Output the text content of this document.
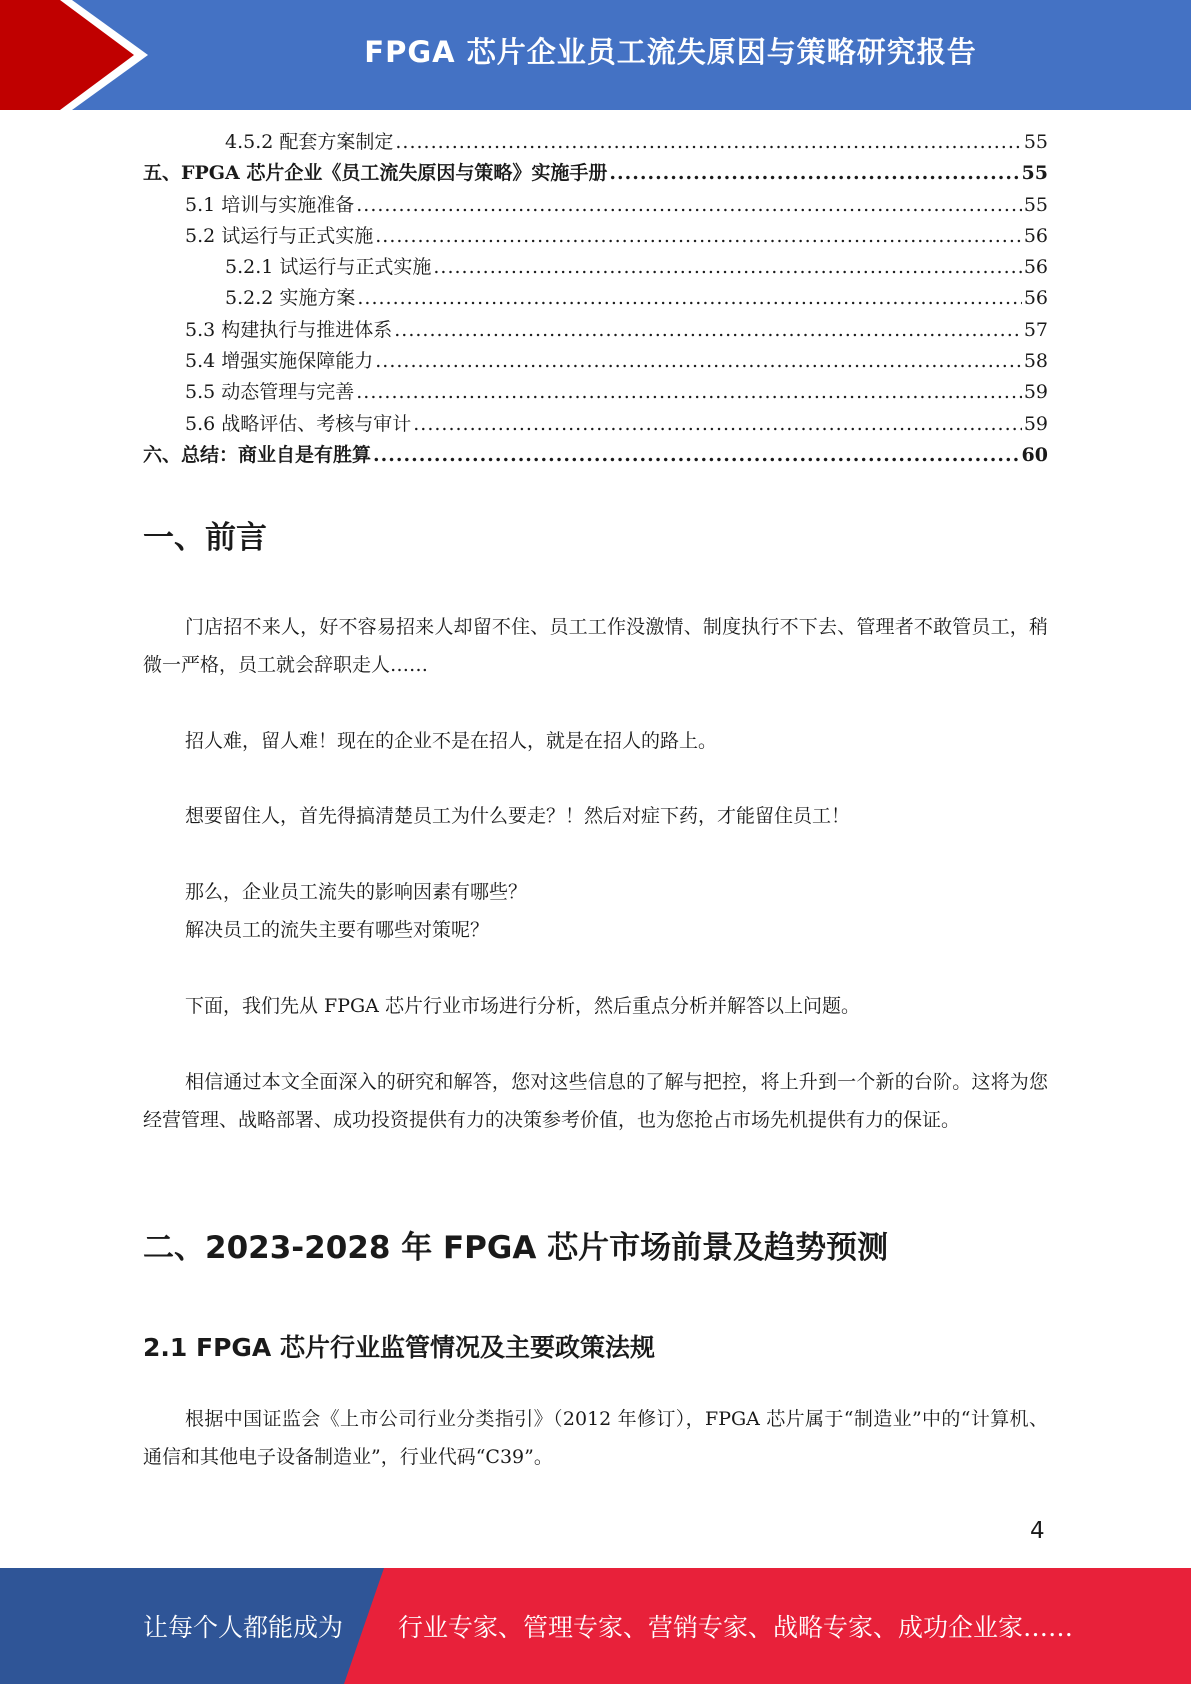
FPGA 芯片企业员工流失原因与策略研究报告
4.5.2 配套方案制定 .....	55
五、FPGA 芯片企业《员工流失原因与策略》实施手册 .....	55
5.1 培训与实施准备 .....	55
5.2 试运行与正式实施 .....	56
5.2.1 试运行与正式实施 .....	56
5.2.2 实施方案 .....	56
5.3 构建执行与推进体系 .....	57
5.4 增强实施保障能力 .....	58
5.5 动态管理与完善 .....	59
5.6 战略评估、考核与审计 .....	59
六、总结：商业自是有胜算 .....	60
一、前言

门店招不来人，好不容易招来人却留不住、员工工作没激情、制度执行不下去、管理者不敢管员工，稍微一严格，员工就会辞职走人……

招人难，留人难！现在的企业不是在招人，就是在招人的路上。

想要留住人，首先得搞清楚员工为什么要走？！然后对症下药，才能留住员工！

那么，企业员工流失的影响因素有哪些？

解决员工的流失主要有哪些对策呢？

下面，我们先从 FPGA 芯片行业市场进行分析，然后重点分析并解答以上问题。

相信通过本文全面深入的研究和解答，您对这些信息的了解与把控，将上升到一个新的台阶。这将为您经营管理、战略部署、成功投资提供有力的决策参考价值，也为您抢占市场先机提供有力的保证。

二、2023-2028 年 FPGA 芯片市场前景及趋势预测
2.1 FPGA 芯片行业监管情况及主要政策法规

根据中国证监会《上市公司行业分类指引》（2012 年修订），FPGA 芯片属于“制造业”中的“计算机、通信和其他电子设备制造业”，行业代码“C39”。

4
让每个人都能成为 行业专家、管理专家、营销专家、战略专家、成功企业家……
